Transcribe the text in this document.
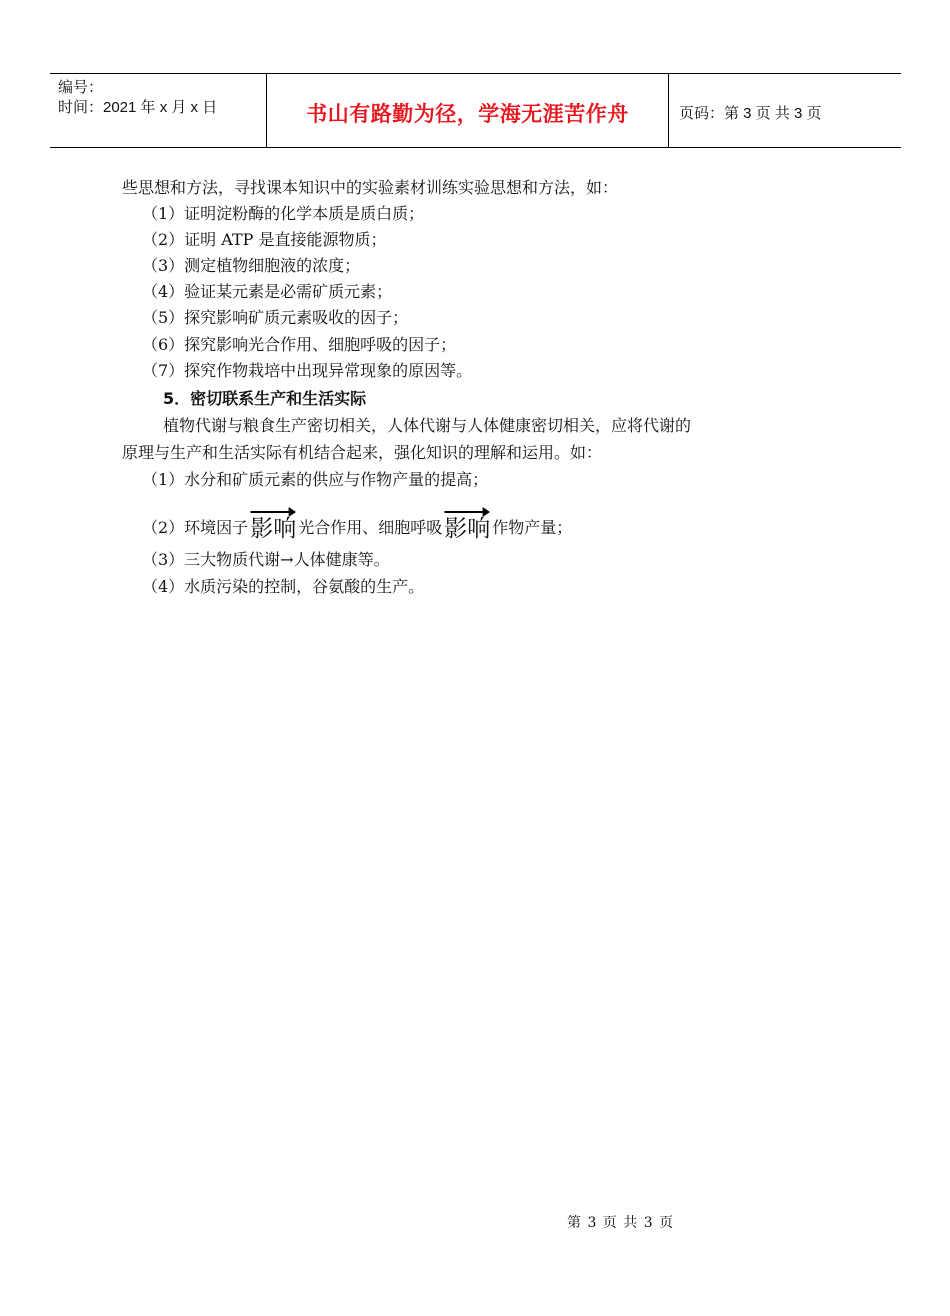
编号：
时间：2021 年 x 月 x 日	书山有路勤为径，学海无涯苦作舟	页码：第 3 页 共 3 页
些思想和方法，寻找课本知识中的实验素材训练实验思想和方法，如：
（1）证明淀粉酶的化学本质是质白质；
（2）证明 ATP 是直接能源物质；
（3）测定植物细胞液的浓度；
（4）验证某元素是必需矿质元素；
（5）探究影响矿质元素吸收的因子；
（6）探究影响光合作用、细胞呼吸的因子；
（7）探究作物栽培中出现异常现象的原因等。
5．密切联系生产和生活实际
植物代谢与粮食生产密切相关，人体代谢与人体健康密切相关，应将代谢的
原理与生产和生活实际有机结合起来，强化知识的理解和运用。如：
（1）水分和矿质元素的供应与作物产量的提高；
（2）环境因子
影响 光合作用、细胞呼吸
影响 作物产量；
（3）三大物质代谢→人体健康等。
（4）水质污染的控制，谷氨酸的生产。
第 3 页 共 3 页
